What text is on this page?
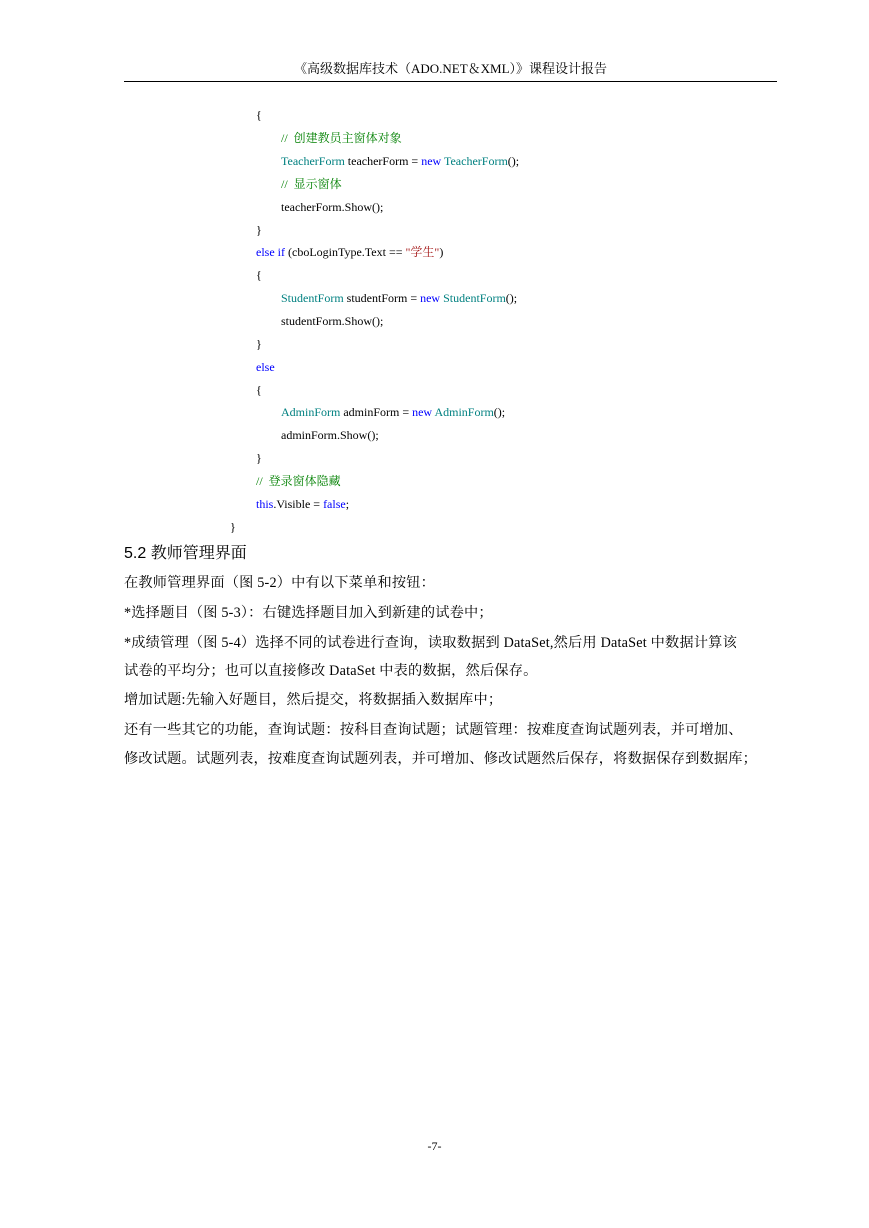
《高级数据库技术（ADO.NET＆XML）》课程设计报告
{
//  创建教员主窗体对象
TeacherForm teacherForm = new TeacherForm();
//  显示窗体
teacherForm.Show();
}
else if (cboLoginType.Text == "学生")
{
StudentForm studentForm = new StudentForm();
studentForm.Show();
}
else
{
AdminForm adminForm = new AdminForm();
adminForm.Show();
}
//  登录窗体隐藏
this.Visible = false;
}
5.2 教师管理界面
在教师管理界面（图 5-2）中有以下菜单和按钮：
*选择题目（图 5-3）：右键选择题目加入到新建的试卷中；
*成绩管理（图 5-4）选择不同的试卷进行查询，读取数据到 DataSet,然后用 DataSet 中数据计算该
试卷的平均分；也可以直接修改 DataSet 中表的数据，然后保存。
增加试题:先输入好题目，然后提交，将数据插入数据库中；
还有一些其它的功能，查询试题：按科目查询试题；试题管理：按难度查询试题列表，并可增加、
修改试题。试题列表，按难度查询试题列表，并可增加、修改试题然后保存，将数据保存到数据库；
-7-
